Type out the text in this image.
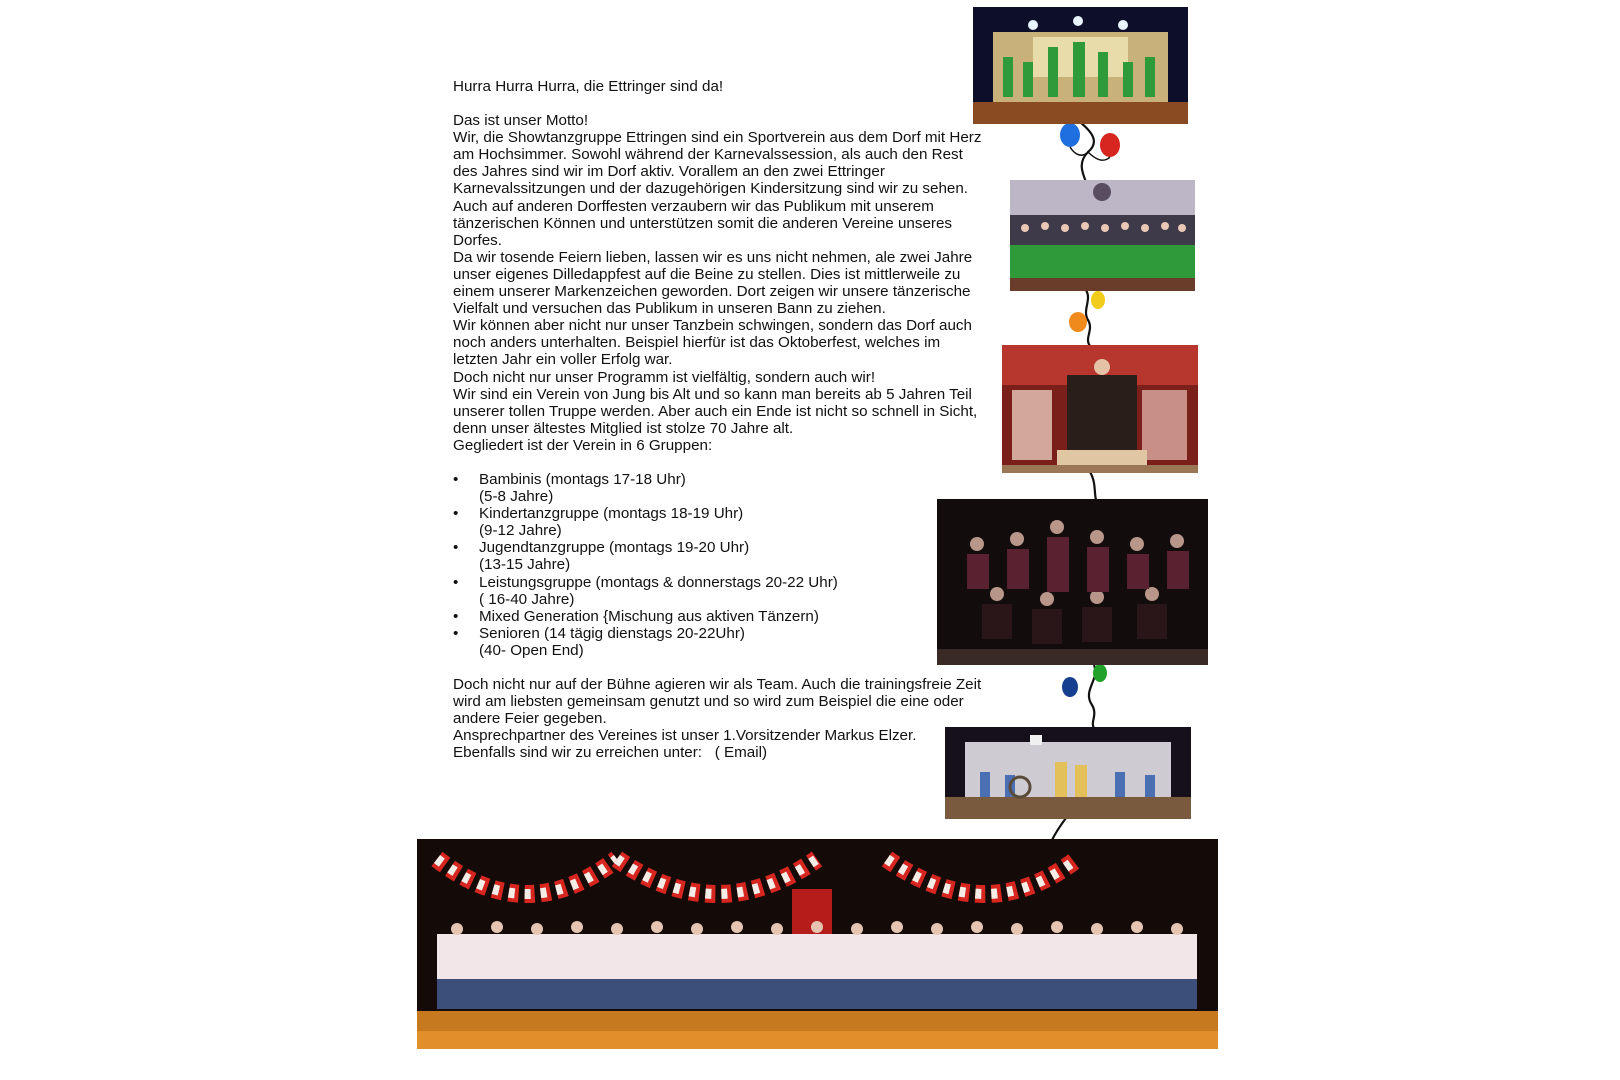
Hurra Hurra Hurra, die Ettringer sind da!

Das ist unser Motto!

Wir, die Showtanzgruppe Ettringen sind ein Sportverein aus dem Dorf mit Herz

am Hochsimmer. Sowohl während der Karnevalssession, als auch den Rest

des Jahres sind wir im Dorf aktiv. Vorallem an den zwei Ettringer

Karnevalssitzungen und der dazugehörigen Kindersitzung sind wir zu sehen.

Auch auf anderen Dorffesten verzaubern wir das Publikum mit unserem

tänzerischen Können und unterstützen somit die anderen Vereine unseres

Dorfes.

Da wir tosende Feiern lieben, lassen wir es uns nicht nehmen, ale zwei Jahre

unser eigenes Dilledappfest auf die Beine zu stellen. Dies ist mittlerweile zu

einem unserer Markenzeichen geworden. Dort zeigen wir unsere tänzerische

Vielfalt und versuchen das Publikum in unseren Bann zu ziehen.

Wir können aber nicht nur unser Tanzbein schwingen, sondern das Dorf auch

noch anders unterhalten. Beispiel hierfür ist das Oktoberfest, welches im

letzten Jahr ein voller Erfolg war.

Doch nicht nur unser Programm ist vielfältig, sondern auch wir!

Wir sind ein Verein von Jung bis Alt und so kann man bereits ab 5 Jahren Teil

unserer tollen Truppe werden. Aber auch ein Ende ist nicht so schnell in Sicht,

denn unser ältestes Mitglied ist stolze 70 Jahre alt.

Gegliedert ist der Verein in 6 Gruppen:

• Bambinis (montags 17-18 Uhr)
(5-8 Jahre)
• Kindertanzgruppe (montags 18-19 Uhr)
(9-12 Jahre)
• Jugendtanzgruppe (montags 19-20 Uhr)
(13-15 Jahre)
• Leistungsgruppe (montags & donnerstags 20-22 Uhr)
( 16-40 Jahre)
• Mixed Generation {Mischung aus aktiven Tänzern)
• Senioren (14 tägig dienstags 20-22Uhr)
(40- Open End)

Doch nicht nur auf der Bühne agieren wir als Team. Auch die trainingsfreie Zeit

wird am liebsten gemeinsam genutzt und so wird zum Beispiel die eine oder

andere Feier gegeben.

Ansprechpartner des Vereines ist unser 1.Vorsitzender Markus Elzer.

Ebenfalls sind wir zu erreichen unter:   ( Email)
